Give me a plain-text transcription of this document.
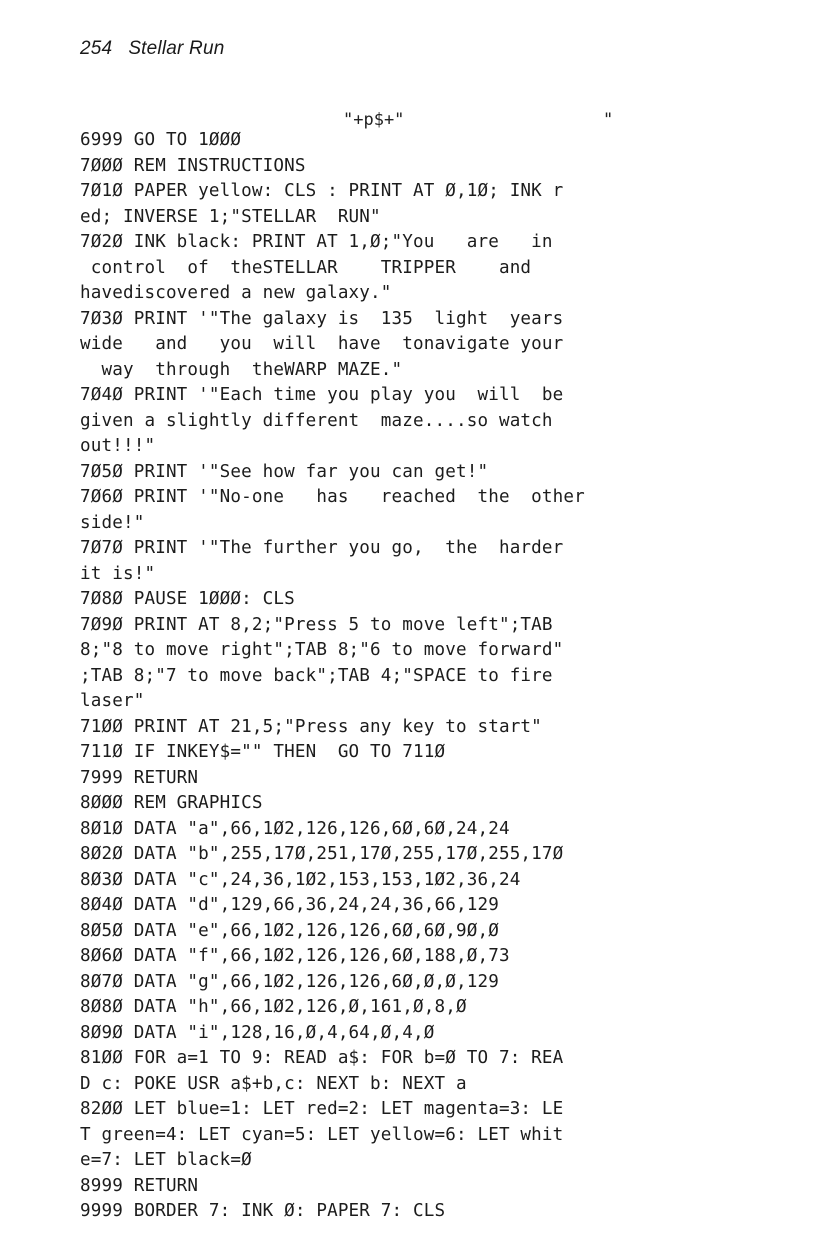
254 Stellar Run
"+p$+"	"
6999 GO TO 1ØØØ
7ØØØ REM INSTRUCTIONS
7Ø1Ø PAPER yellow: CLS : PRINT AT Ø,1Ø; INK r
ed; INVERSE 1;"STELLAR  RUN"
7Ø2Ø INK black: PRINT AT 1,Ø;"You   are   in
control  of  theSTELLAR    TRIPPER    and
havediscovered a new galaxy."
7Ø3Ø PRINT '"The galaxy is  135  light  years
wide   and   you  will  have  tonavigate your
way  through  theWARP MAZE."
7Ø4Ø PRINT '"Each time you play you  will  be
given a slightly different  maze....so watch
out!!!"
7Ø5Ø PRINT '"See how far you can get!"
7Ø6Ø PRINT '"No-one   has   reached  the  other
side!"
7Ø7Ø PRINT '"The further you go,  the  harder
it is!"
7Ø8Ø PAUSE 1ØØØ: CLS
7Ø9Ø PRINT AT 8,2;"Press 5 to move left";TAB
8;"8 to move right";TAB 8;"6 to move forward"
;TAB 8;"7 to move back";TAB 4;"SPACE to fire
laser"
71ØØ PRINT AT 21,5;"Press any key to start"
711Ø IF INKEY$="" THEN  GO TO 711Ø
7999 RETURN
8ØØØ REM GRAPHICS
8Ø1Ø DATA "a",66,1Ø2,126,126,6Ø,6Ø,24,24
8Ø2Ø DATA "b",255,17Ø,251,17Ø,255,17Ø,255,17Ø
8Ø3Ø DATA "c",24,36,1Ø2,153,153,1Ø2,36,24
8Ø4Ø DATA "d",129,66,36,24,24,36,66,129
8Ø5Ø DATA "e",66,1Ø2,126,126,6Ø,6Ø,9Ø,Ø
8Ø6Ø DATA "f",66,1Ø2,126,126,6Ø,188,Ø,73
8Ø7Ø DATA "g",66,1Ø2,126,126,6Ø,Ø,Ø,129
8Ø8Ø DATA "h",66,1Ø2,126,Ø,161,Ø,8,Ø
8Ø9Ø DATA "i",128,16,Ø,4,64,Ø,4,Ø
81ØØ FOR a=1 TO 9: READ a$: FOR b=Ø TO 7: REA
D c: POKE USR a$+b,c: NEXT b: NEXT a
82ØØ LET blue=1: LET red=2: LET magenta=3: LE
T green=4: LET cyan=5: LET yellow=6: LET whit
e=7: LET black=Ø
8999 RETURN
9999 BORDER 7: INK Ø: PAPER 7: CLS
